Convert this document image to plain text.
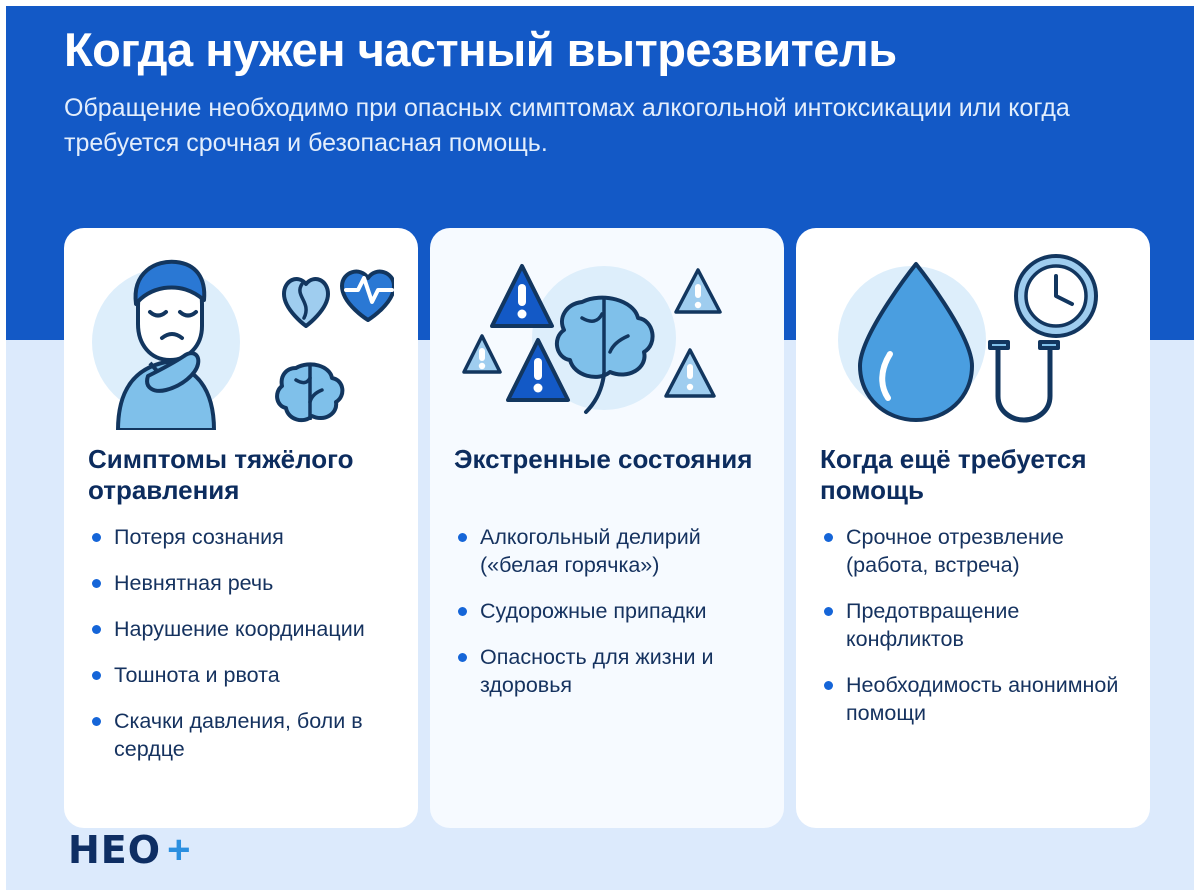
Когда нужен частный вытрезвитель

Обращение необходимо при опасных симптомах алкогольной интоксикации или когда требуется срочная и безопасная помощь.

Симптомы тяжёлого отравления
Потеря сознания
Невнятная речь
Нарушение координации
Тошнота и рвота
Скачки давления, боли в сердце
Экстренные состояния
Алкогольный делирий («белая горячка»)
Судорожные припадки
Опасность для жизни и здоровья
Когда ещё требуется помощь
Срочное отрезвление (работа, встреча)
Предотвращение конфликтов
Необходимость анонимной помощи
НЕО +
